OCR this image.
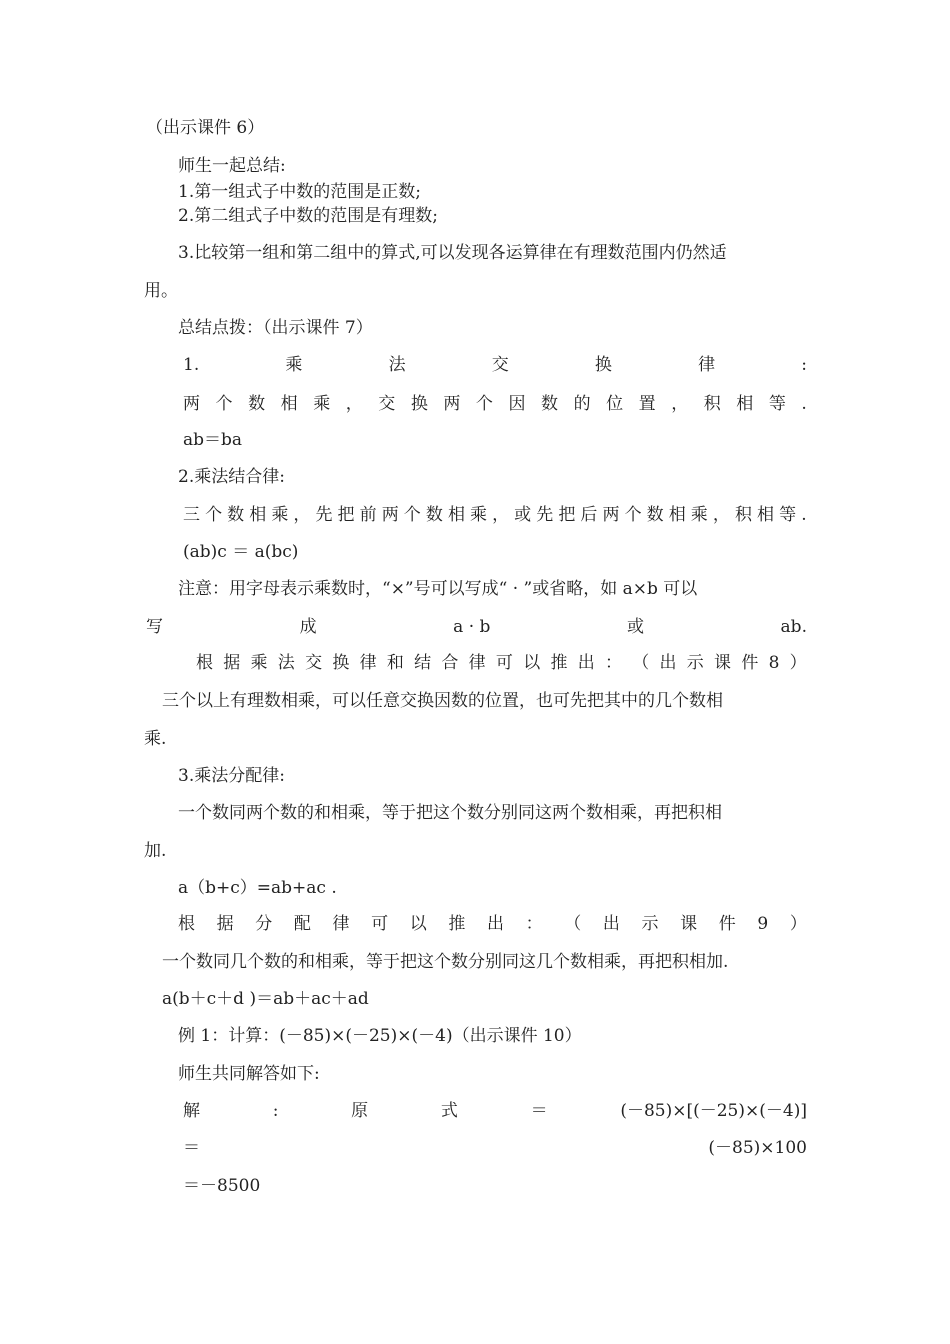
（出示课件 6）
师生一起总结:
1.第一组式子中数的范围是正数;
2.第二组式子中数的范围是有理数;
3.比较第一组和第二组中的算式,可以发现各运算律在有理数范围内仍然适
用。
总结点拨：（出示课件 7）
1.	乘	法	交	换	律	:
两 个 数 相 乘 ， 交 换 两 个 因 数 的 位 置 ， 积 相 等 .
ab＝ba
2.乘法结合律:
三 个 数 相 乘 ， 先 把 前 两 个 数 相 乘 ， 或 先 把 后 两 个 数 相 乘 ， 积 相 等 .
(ab)c ＝ a(bc)
注意：用字母表示乘数时，“×”号可以写成“ · ”或省略，如 a×b 可以
写	成	a · b	或	ab.
根 据 乘 法 交 换 律 和 结 合 律 可 以 推 出 ： （ 出 示 课 件 8 ）
三个以上有理数相乘，可以任意交换因数的位置，也可先把其中的几个数相
乘.
3.乘法分配律:
一个数同两个数的和相乘，等于把这个数分别同这两个数相乘，再把积相
加.
a（b+c）=ab+ac .
根 据 分 配 律 可 以 推 出 ： （ 出 示 课 件 9 ）
一个数同几个数的和相乘，等于把这个数分别同这几个数相乘，再把积相加.
a(b＋c＋d )＝ab＋ac＋ad
例 1：计算：(－85)×(－25)×(－4)（出示课件 10）
师生共同解答如下:
解	:	原	式	＝	(－85)×[(－25)×(－4)]
＝	(－85)×100
＝－8500
